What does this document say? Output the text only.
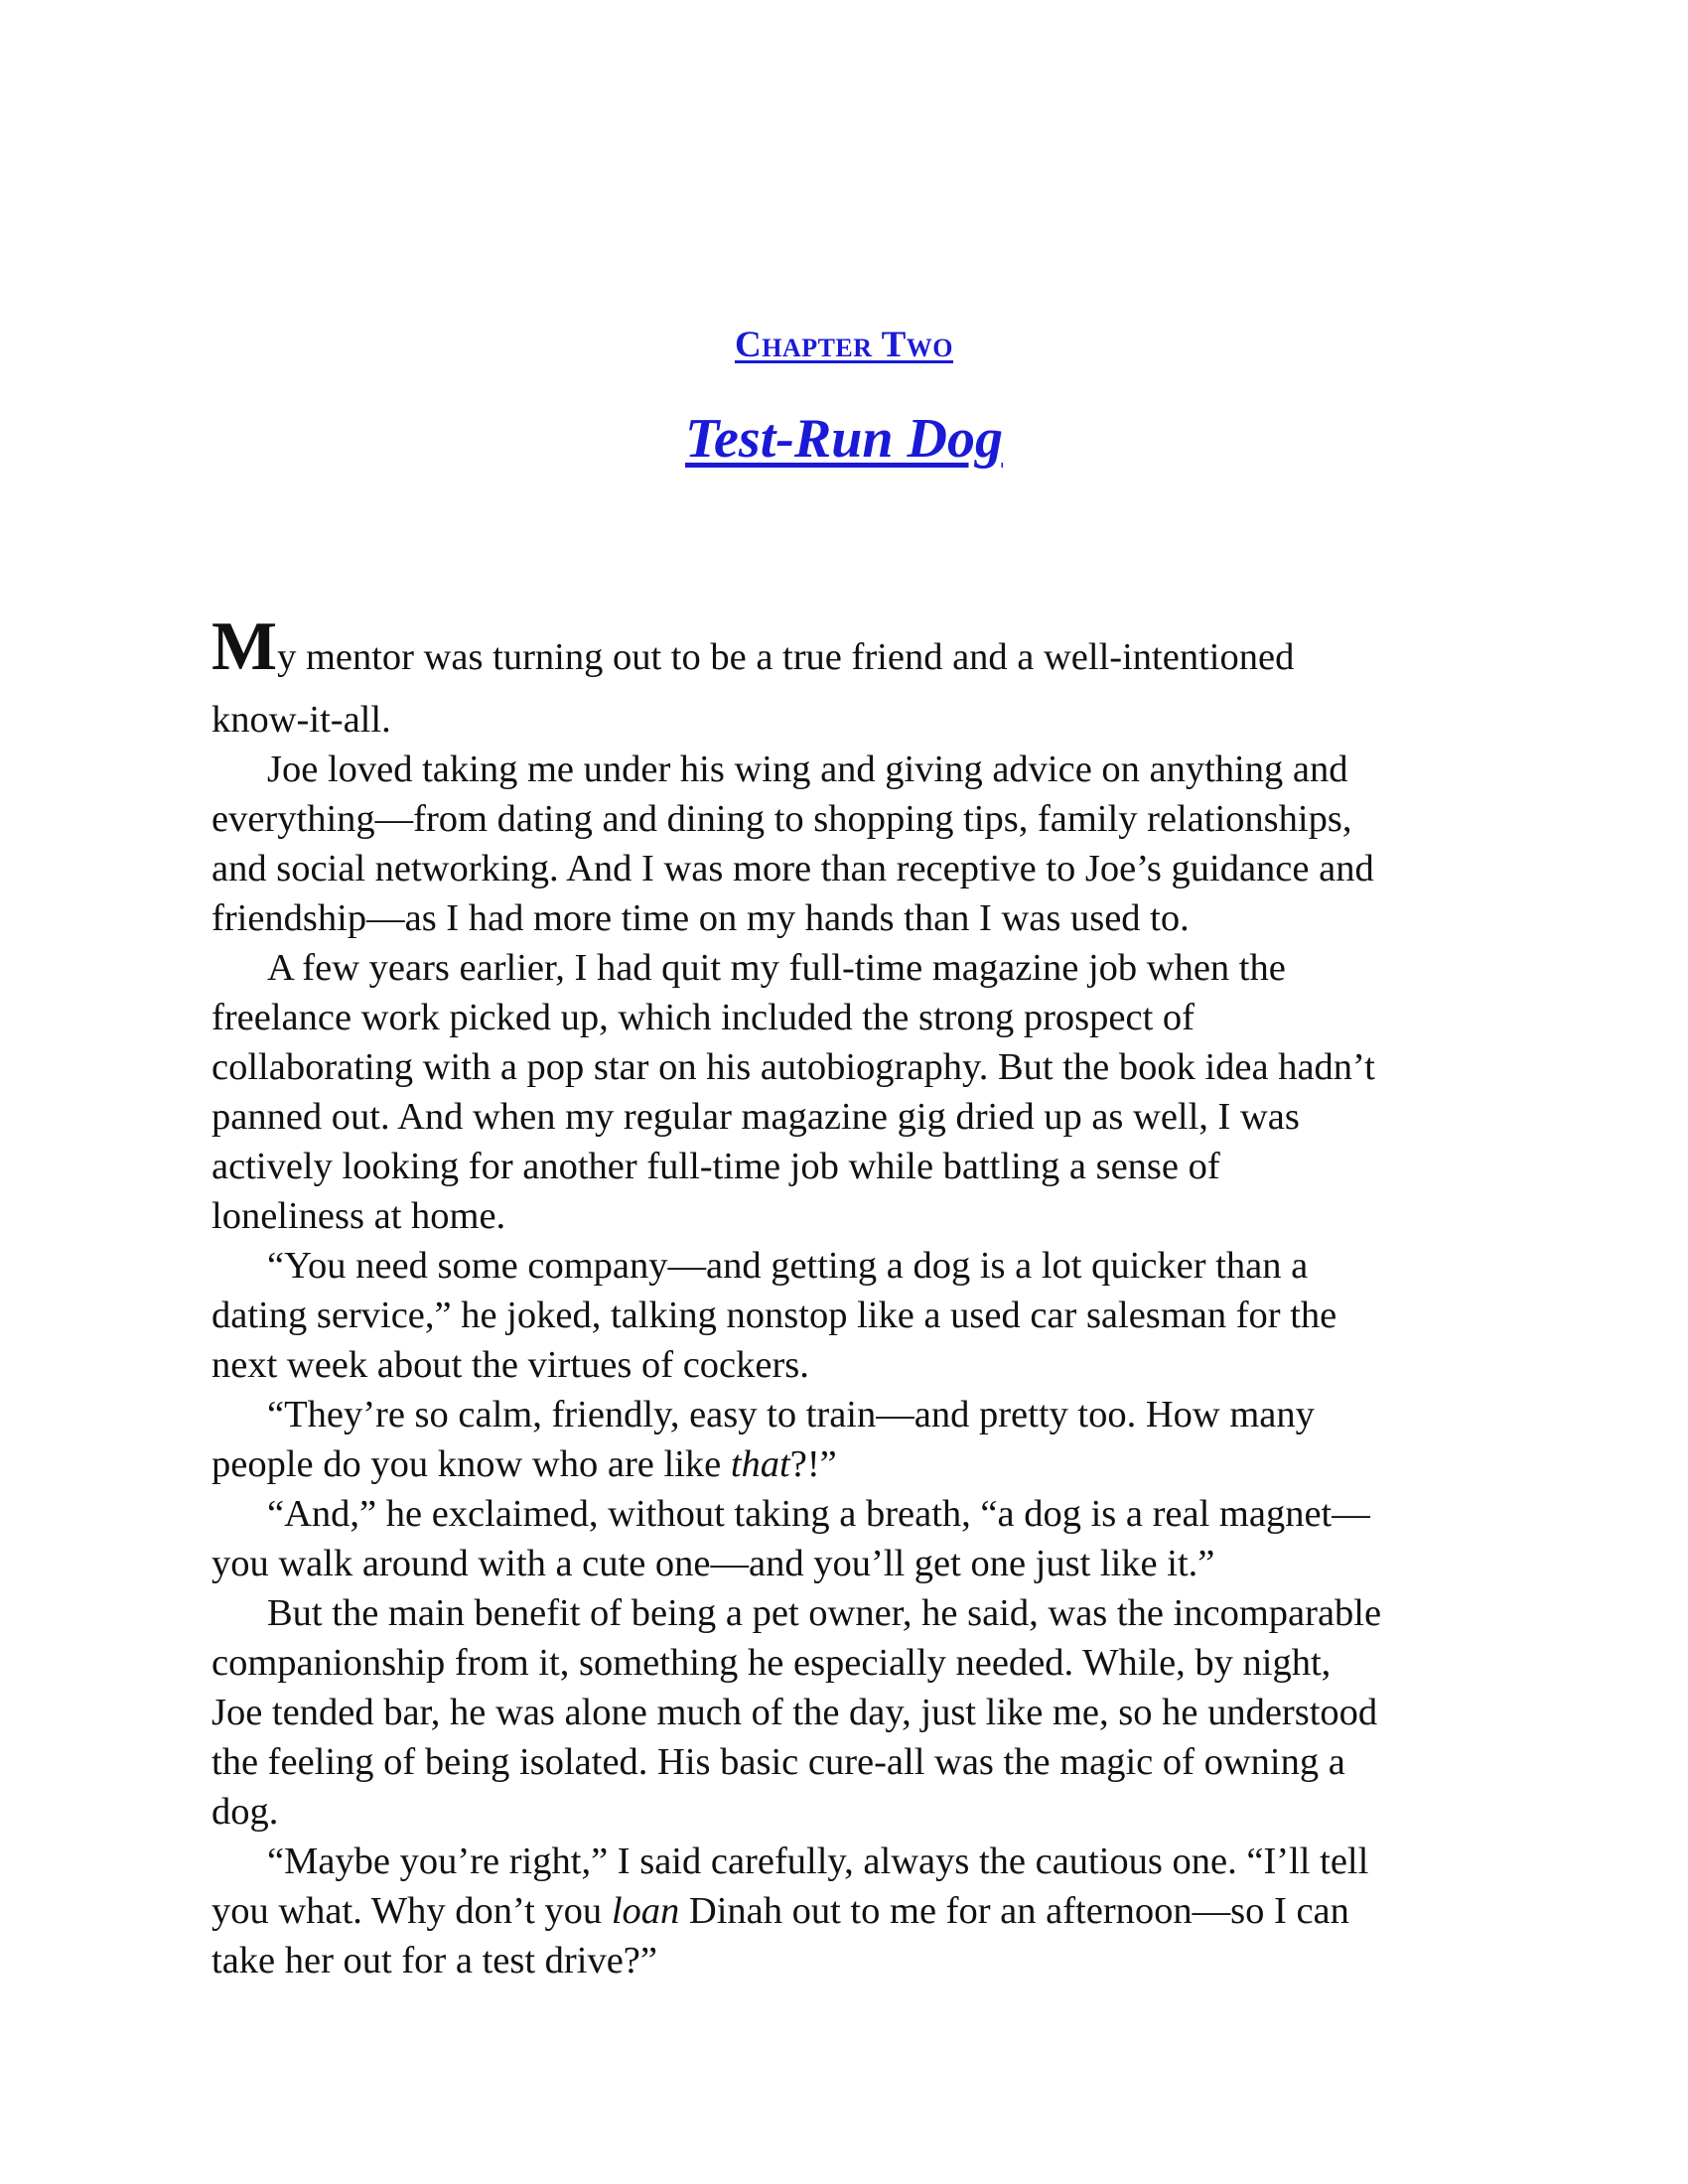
Chapter Two
Test-Run Dog
My mentor was turning out to be a true friend and a well-intentioned
know-it-all.
Joe loved taking me under his wing and giving advice on anything and
everything—from dating and dining to shopping tips, family relationships,
and social networking. And I was more than receptive to Joe’s guidance and
friendship—as I had more time on my hands than I was used to.
A few years earlier, I had quit my full-time magazine job when the
freelance work picked up, which included the strong prospect of
collaborating with a pop star on his autobiography. But the book idea hadn’t
panned out. And when my regular magazine gig dried up as well, I was
actively looking for another full-time job while battling a sense of
loneliness at home.
“You need some company—and getting a dog is a lot quicker than a
dating service,” he joked, talking nonstop like a used car salesman for the
next week about the virtues of cockers.
“They’re so calm, friendly, easy to train—and pretty too. How many
people do you know who are like that?!”
“And,” he exclaimed, without taking a breath, “a dog is a real magnet—
you walk around with a cute one—and you’ll get one just like it.”
But the main benefit of being a pet owner, he said, was the incomparable
companionship from it, something he especially needed. While, by night,
Joe tended bar, he was alone much of the day, just like me, so he understood
the feeling of being isolated. His basic cure-all was the magic of owning a
dog.
“Maybe you’re right,” I said carefully, always the cautious one. “I’ll tell
you what. Why don’t you loan Dinah out to me for an afternoon—so I can
take her out for a test drive?”
